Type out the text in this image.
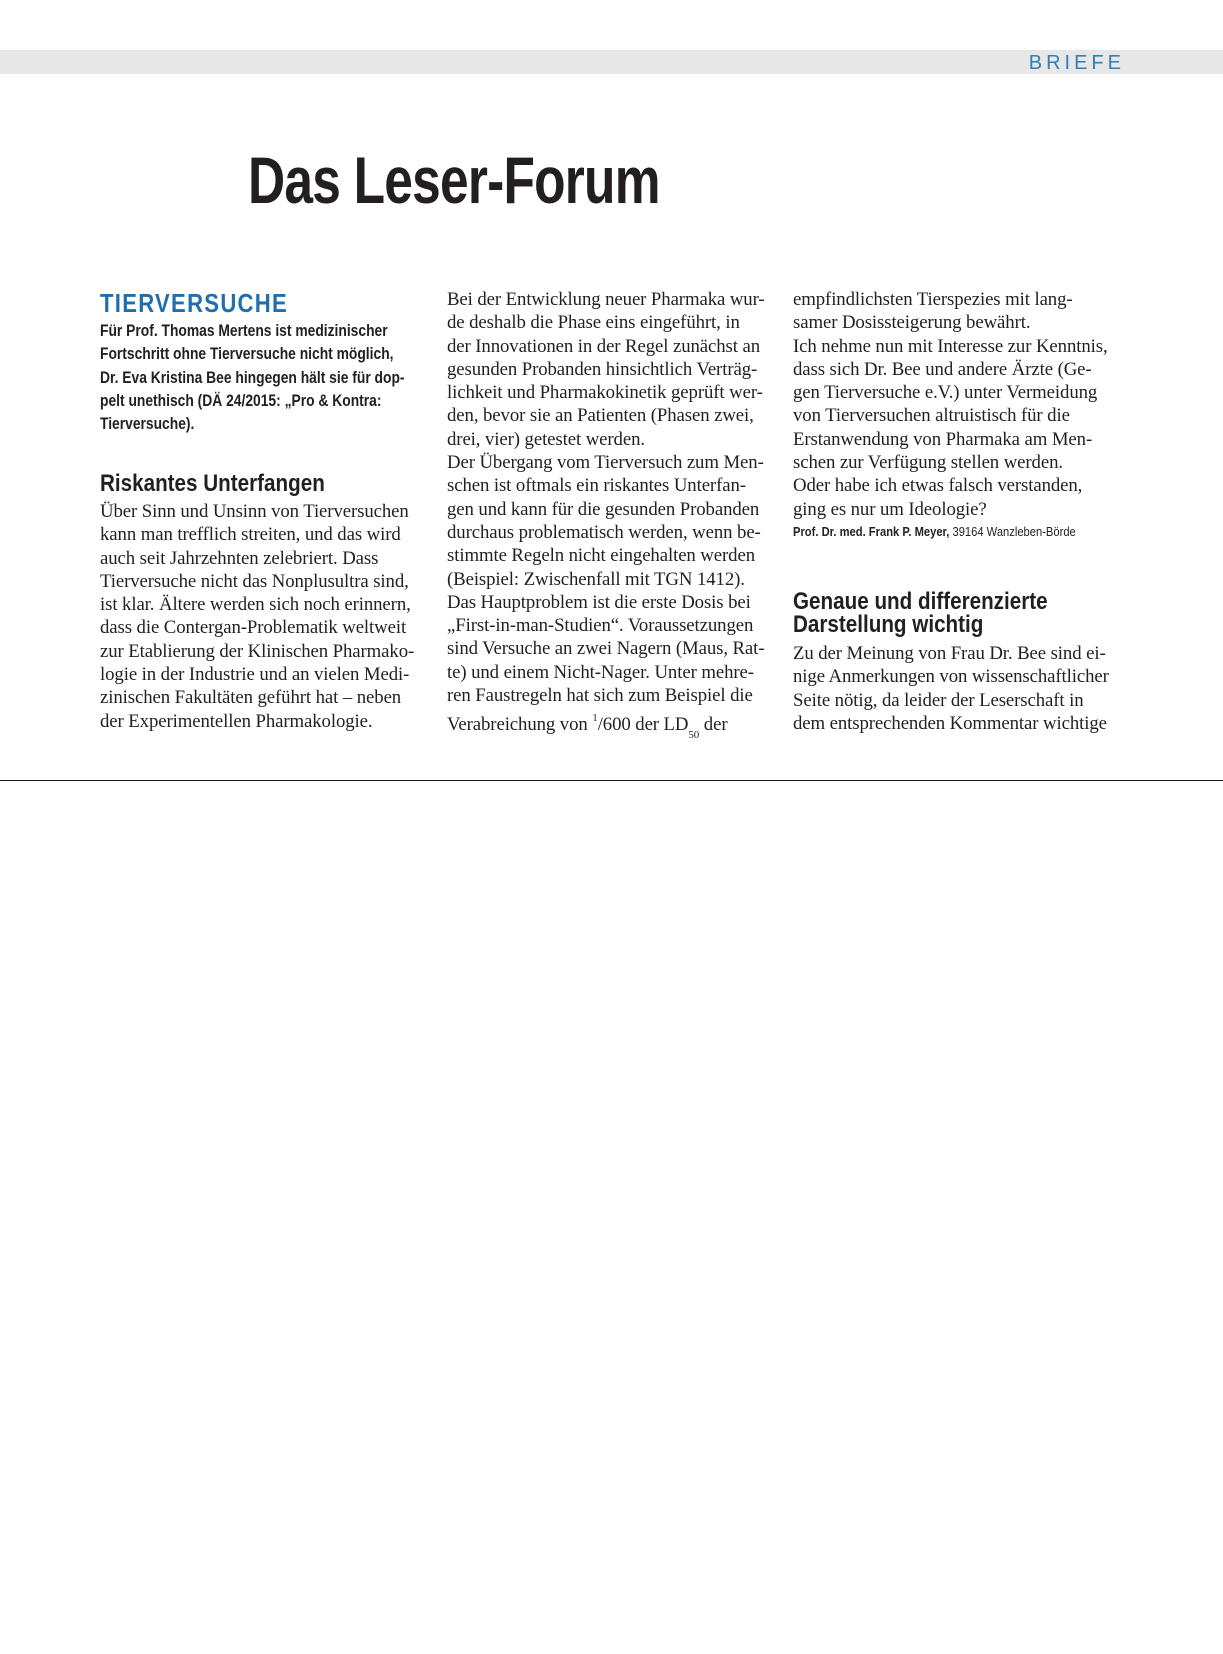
BRIEFE
Das Leser-Forum
TIERVERSUCHE
Für Prof. Thomas Mertens ist medizinischer
Fortschritt ohne Tierversuche nicht möglich,
Dr. Eva Kristina Bee hingegen hält sie für dop-
pelt unethisch (DÄ 24/2015: „Pro & Kontra:
Tierversuche).
Riskantes Unterfangen
Über Sinn und Unsinn von Tierversuchen
kann man trefflich streiten, und das wird
auch seit Jahrzehnten zelebriert. Dass
Tierversuche nicht das Nonplusultra sind,
ist klar. Ältere werden sich noch erinnern,
dass die Contergan-Problematik weltweit
zur Etablierung der Klinischen Pharmako-
logie in der Industrie und an vielen Medi-
zinischen Fakultäten geführt hat – neben
der Experimentellen Pharmakologie.
Bei der Entwicklung neuer Pharmaka wur-
de deshalb die Phase eins eingeführt, in
der Innovationen in der Regel zunächst an
gesunden Probanden hinsichtlich Verträg-
lichkeit und Pharmakokinetik geprüft wer-
den, bevor sie an Patienten (Phasen zwei,
drei, vier) getestet werden.
Der Übergang vom Tierversuch zum Men-
schen ist oftmals ein riskantes Unterfan-
gen und kann für die gesunden Probanden
durchaus problematisch werden, wenn be-
stimmte Regeln nicht eingehalten werden
(Beispiel: Zwischenfall mit TGN 1412).
Das Hauptproblem ist die erste Dosis bei
„First-in-man-Studien“. Voraussetzungen
sind Versuche an zwei Nagern (Maus, Rat-
te) und einem Nicht-Nager. Unter mehre-
ren Faustregeln hat sich zum Beispiel die
Verabreichung von $^1$/600 der $LD_{50}$ der
empfindlichsten Tierspezies mit lang-
samer Dosissteigerung bewährt.
Ich nehme nun mit Interesse zur Kenntnis,
dass sich Dr. Bee und andere Ärzte (Ge-
gen Tierversuche e.V.) unter Vermeidung
von Tierversuchen altruistisch für die
Erstanwendung von Pharmaka am Men-
schen zur Verfügung stellen werden.
Oder habe ich etwas falsch verstanden,
ging es nur um Ideologie?

Prof. Dr. med. Frank P. Meyer, 39164 Wanzleben-Börde

Genaue und differenzierte
Darstellung wichtig
Zu der Meinung von Frau Dr. Bee sind ei-
nige Anmerkungen von wissenschaftlicher
Seite nötig, da leider der Leserschaft in
dem entsprechenden Kommentar wichtige
